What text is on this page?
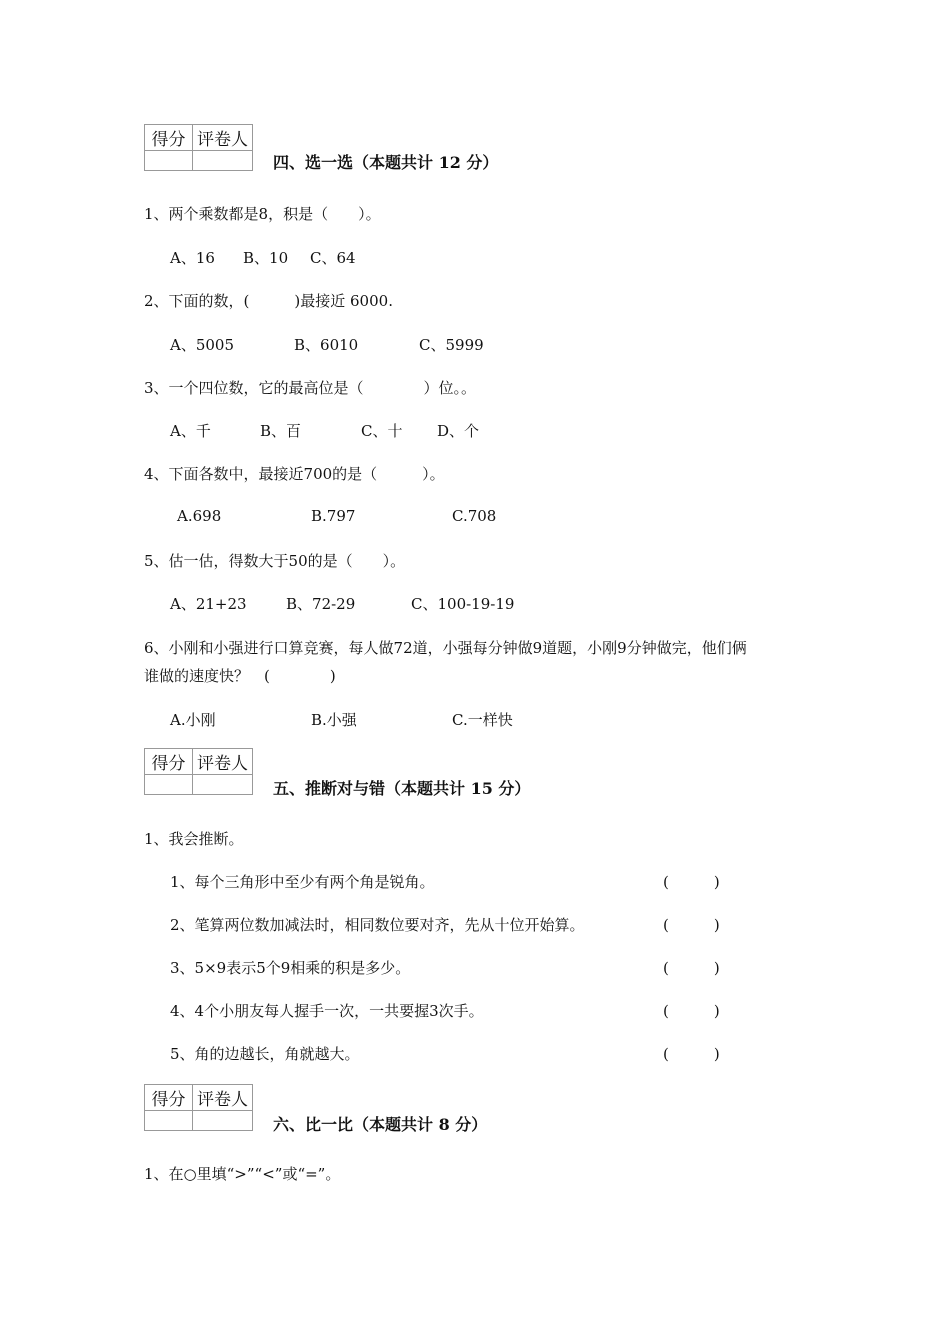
得分	评卷人

四、选一选（本题共计 12 分）
1、两个乘数都是8，积是（　　）。
A、16 B、10 C、64
2、下面的数，(　　　)最接近 6000.
A、5005	B、6010	C、5999
3、一个四位数，它的最高位是（　　　　）位。。
A、千	B、百	C、十 D、个
4、下面各数中，最接近700的是（　　　）。
A.698	B.797	C.708
5、估一估，得数大于50的是（　　）。
A、21+23	B、72-29	C、100-19-19
6、小刚和小强进行口算竞赛，每人做72道，小强每分钟做9道题，小刚9分钟做完，他们俩
谁做的速度快？　(　　　　)
A.小刚	B.小强	C.一样快
得分	评卷人

五、推断对与错（本题共计 15 分）
1、我会推断。
1、每个三角形中至少有两个角是锐角。	(　　　)
2、笔算两位数加减法时，相同数位要对齐，先从十位开始算。	(　　　)
3、5×9表示5个9相乘的积是多少。	(　　　)
4、4个小朋友每人握手一次，一共要握3次手。	(　　　)
5、角的边越长，角就越大。	(　　　)
得分	评卷人

六、比一比（本题共计 8 分）
1、在○里填“>”“<”或“=”。
